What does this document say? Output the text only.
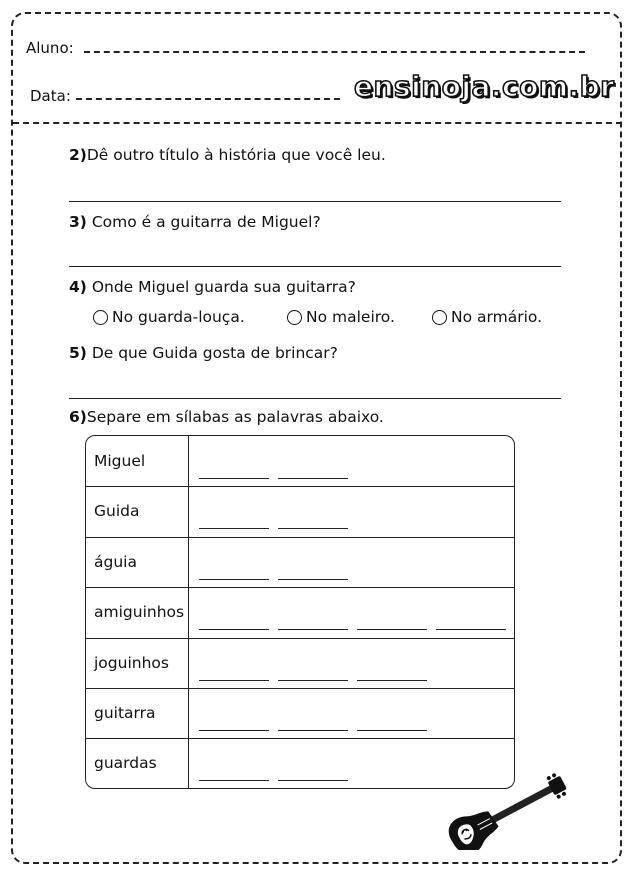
Aluno:
Data:	ensinoja.com.br
2)Dê outro título à história que você leu.
3) Como é a guitarra de Miguel?
4) Onde Miguel guarda sua guitarra?
No guarda-louça.	No maleiro.	No armário.
5) De que Guida gosta de brincar?
6)Separe em sílabas as palavras abaixo.
Miguel
Guida
águia
amiguinhos
joguinhos
guitarra
guardas
